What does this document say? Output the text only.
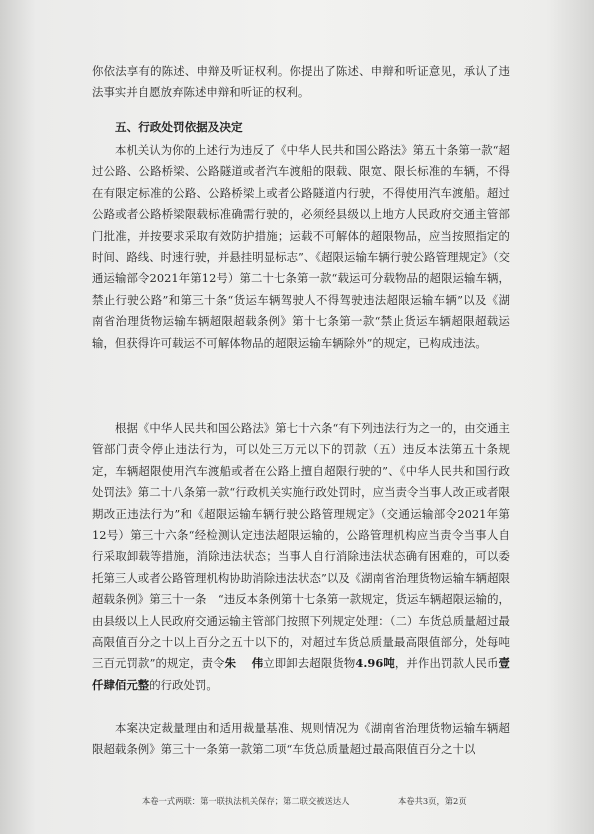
你依法享有的陈述、申辩及听证权利。你提出了陈述、申辩和听证意见，承认了违法事实并自愿放弃陈述申辩和听证的权利。

五、行政处罚依据及决定

本机关认为你的上述行为违反了《中华人民共和国公路法》第五十条第一款“超过公路、公路桥梁、公路隧道或者汽车渡船的限载、限宽、限长标准的车辆，不得在有限定标准的公路、公路桥梁上或者公路隧道内行驶，不得使用汽车渡船。超过公路或者公路桥梁限载标准确需行驶的，必须经县级以上地方人民政府交通主管部门批准，并按要求采取有效防护措施；运载不可解体的超限物品，应当按照指定的时间、路线、时速行驶，并悬挂明显标志”、《超限运输车辆行驶公路管理规定》（交通运输部令2021年第12号）第二十七条第一款“载运可分载物品的超限运输车辆，禁止行驶公路”和第三十条“货运车辆驾驶人不得驾驶违法超限运输车辆”以及《湖南省治理货物运输车辆超限超载条例》第十七条第一款“禁止货运车辆超限超载运输，但获得许可载运不可解体物品的超限运输车辆除外”的规定，已构成违法。

根据《中华人民共和国公路法》第七十六条“有下列违法行为之一的，由交通主管部门责令停止违法行为，可以处三万元以下的罚款（五）违反本法第五十条规定，车辆超限使用汽车渡船或者在公路上擅自超限行驶的”、《中华人民共和国行政处罚法》第二十八条第一款“行政机关实施行政处罚时，应当责令当事人改正或者限期改正违法行为”和《超限运输车辆行驶公路管理规定》（交通运输部令2021年第12号）第三十六条“经检测认定违法超限运输的，公路管理机构应当责令当事人自行采取卸载等措施，消除违法状态；当事人自行消除违法状态确有困难的，可以委托第三人或者公路管理机构协助消除违法状态”以及《湖南省治理货物运输车辆超限超载条例》第三十一条　“违反本条例第十七条第一款规定，货运车辆超限运输的，由县级以上人民政府交通运输主管部门按照下列规定处理：（二）车货总质量超过最高限值百分之十以上百分之五十以下的，对超过车货总质量最高限值部分，处每吨三百元罚款”的规定，责令朱　 伟立即卸去超限货物4.96吨，并作出罚款人民币壹仟肆佰元整的行政处罚。

本案决定裁量理由和适用裁量基准、规则情况为《湖南省治理货物运输车辆超限超载条例》第三十一条第一款第二项“车货总质量超过最高限值百分之十以

本卷一式两联：第一联执法机关保存；第二联交被送达人	本卷共3页，第2页
